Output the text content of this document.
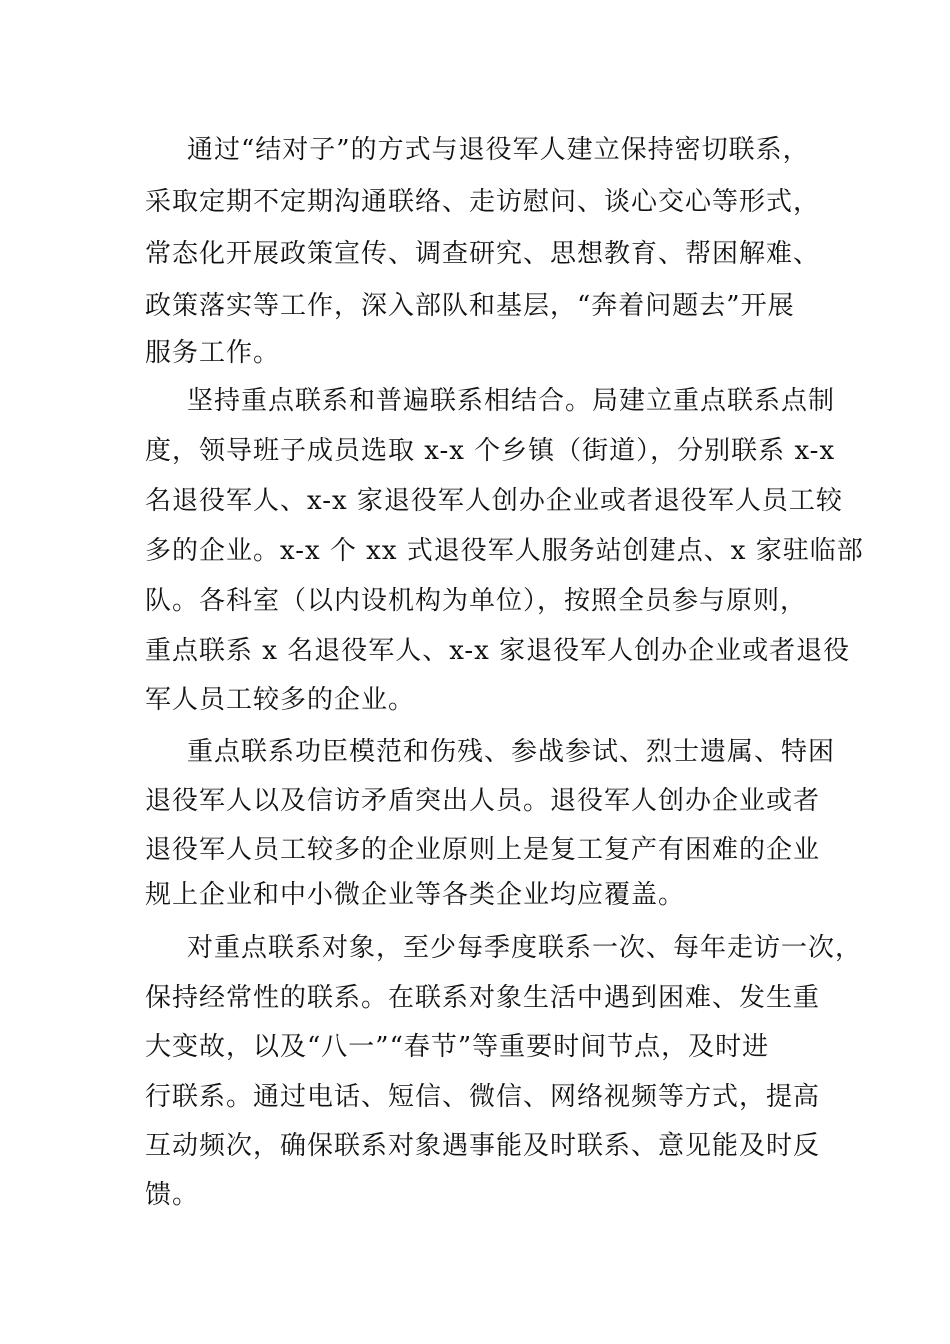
通过“结对子”的方式与退役军人建立保持密切联系，
采取定期不定期沟通联络、走访慰问、谈心交心等形式，
常态化开展政策宣传、调查研究、思想教育、帮困解难、
政策落实等工作，深入部队和基层，“奔着问题去”开展
服务工作。
坚持重点联系和普遍联系相结合。局建立重点联系点制
度，领导班子成员选取 x-x 个乡镇（街道），分别联系 x-x
名退役军人、x-x 家退役军人创办企业或者退役军人员工较
多的企业。x-x 个 xx 式退役军人服务站创建点、x 家驻临部
队。各科室（以内设机构为单位），按照全员参与原则，
重点联系 x 名退役军人、x-x 家退役军人创办企业或者退役
军人员工较多的企业。
重点联系功臣模范和伤残、参战参试、烈士遗属、特困
退役军人以及信访矛盾突出人员。退役军人创办企业或者
退役军人员工较多的企业原则上是复工复产有困难的企业
规上企业和中小微企业等各类企业均应覆盖。
对重点联系对象，至少每季度联系一次、每年走访一次，
保持经常性的联系。在联系对象生活中遇到困难、发生重
大变故，以及“八一”“春节”等重要时间节点，及时进
行联系。通过电话、短信、微信、网络视频等方式，提高
互动频次，确保联系对象遇事能及时联系、意见能及时反
馈。
